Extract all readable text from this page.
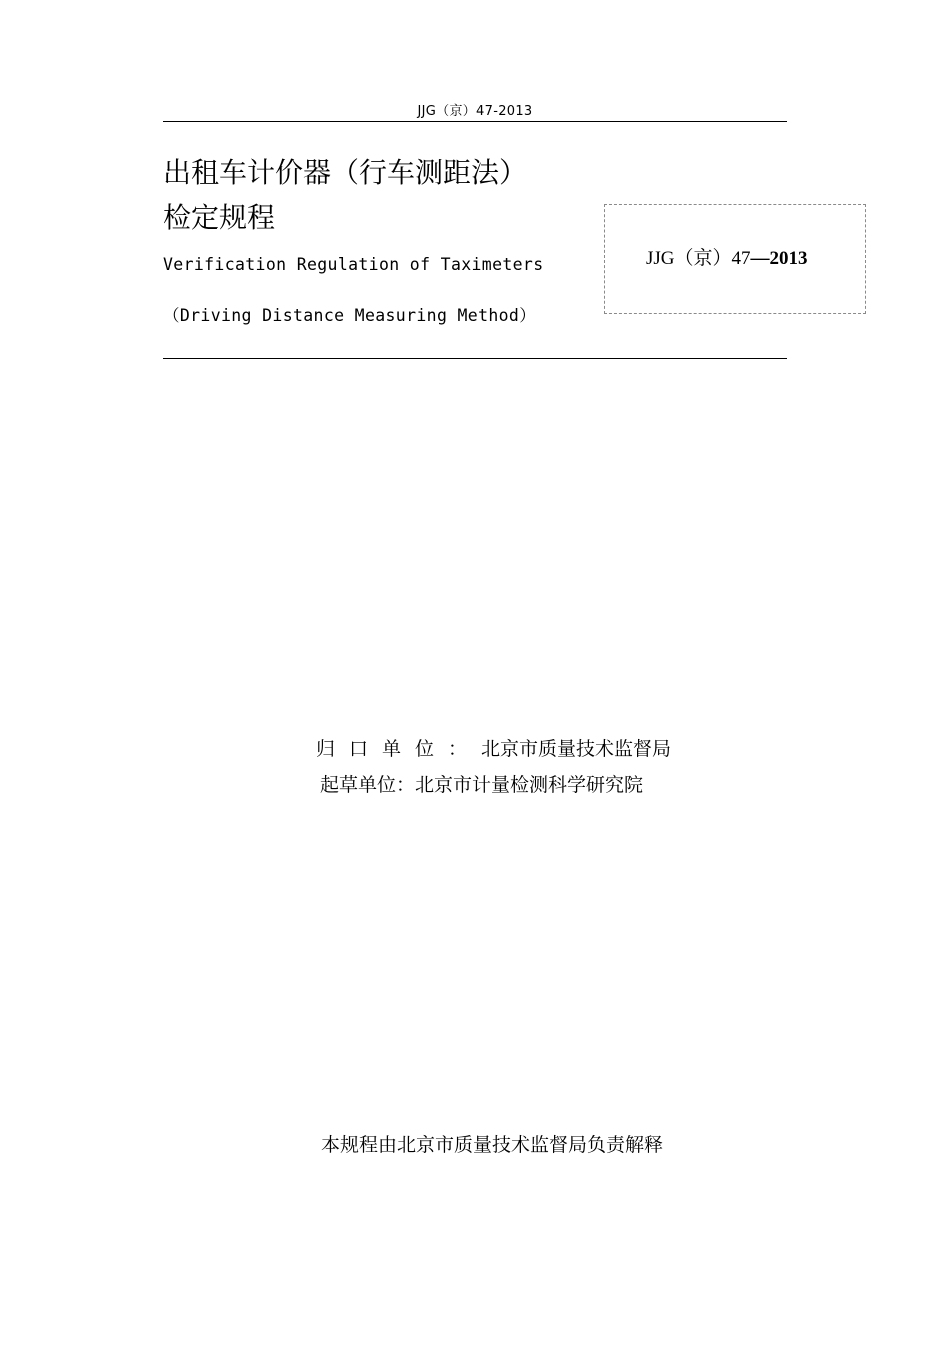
JJG（京）47-2013
出租车计价器（行车测距法）
检定规程
Verification Regulation of Taximeters
（Driving Distance Measuring Method）
JJG（京）47—2013
归口单位：北京市质量技术监督局
起草单位：北京市计量检测科学研究院
本规程由北京市质量技术监督局负责解释
